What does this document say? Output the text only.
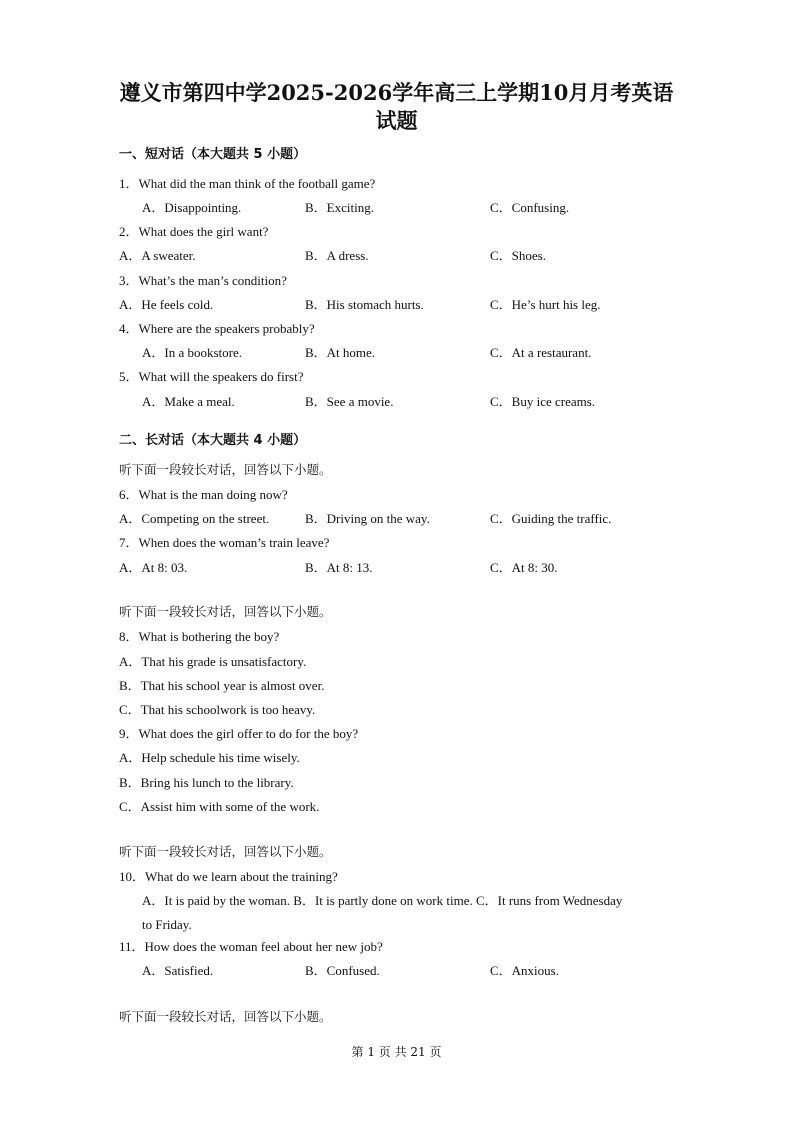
遵义市第四中学2025-2026学年高三上学期10月月考英语
试题
一、短对话（本大题共 5 小题）
1．What did the man think of the football game?
A．Disappointing.	B．Exciting.	C．Confusing.
2．What does the girl want?
A．A sweater.	B．A dress.	C．Shoes.
3．What’s the man’s condition?
A．He feels cold.	B．His stomach hurts.	C．He’s hurt his leg.
4．Where are the speakers probably?
A．In a bookstore.	B．At home.	C．At a restaurant.
5．What will the speakers do first?
A．Make a meal.	B．See a movie.	C．Buy ice creams.
二、长对话（本大题共 4 小题）
听下面一段较长对话，回答以下小题。
6．What is the man doing now?
A．Competing on the street.	B．Driving on the way.	C．Guiding the traffic.
7．When does the woman’s train leave?
A．At 8: 03.	B．At 8: 13.	C．At 8: 30.
听下面一段较长对话，回答以下小题。
8．What is bothering the boy?
A．That his grade is unsatisfactory.
B．That his school year is almost over.
C．That his schoolwork is too heavy.
9．What does the girl offer to do for the boy?
A．Help schedule his time wisely.
B．Bring his lunch to the library.
C．Assist him with some of the work.
听下面一段较长对话，回答以下小题。
10．What do we learn about the training?
A．It is paid by the woman. B．It is partly done on work time. C．It runs from Wednesday
to Friday.
11．How does the woman feel about her new job?
A．Satisfied.	B．Confused.	C．Anxious.
听下面一段较长对话，回答以下小题。
第 1 页 共 21 页
